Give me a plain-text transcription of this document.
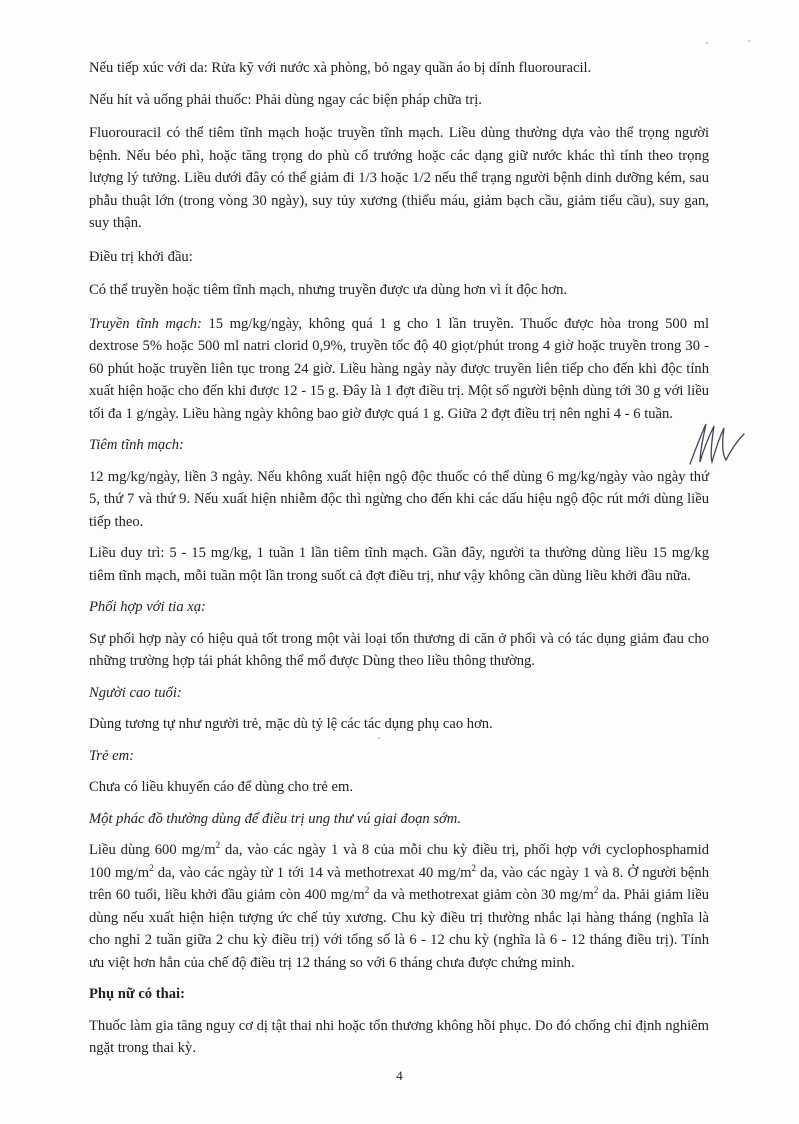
Nếu tiếp xúc với da: Rửa kỹ với nước xà phòng, bỏ ngay quần áo bị dính fluorouracil.

Nếu hít và uống phải thuốc: Phải dùng ngay các biện pháp chữa trị.

Fluorouracil có thể tiêm tĩnh mạch hoặc truyền tĩnh mạch. Liều dùng thường dựa vào thể trọng người bệnh. Nếu béo phì, hoặc tăng trọng do phù cổ trướng hoặc các dạng giữ nước khác thì tính theo trọng lượng lý tưởng. Liều dưới đây có thể giảm đi 1/3 hoặc 1/2 nếu thể trạng người bệnh dinh dưỡng kém, sau phẫu thuật lớn (trong vòng 30 ngày), suy tủy xương (thiếu máu, giảm bạch cầu, giảm tiểu cầu), suy gan, suy thận.

Điều trị khởi đầu:

Có thể truyền hoặc tiêm tĩnh mạch, nhưng truyền được ưa dùng hơn vì ít độc hơn.

Truyền tĩnh mạch: 15 mg/kg/ngày, không quá 1 g cho 1 lần truyền. Thuốc được hòa trong 500 ml dextrose 5% hoặc 500 ml natri clorid 0,9%, truyền tốc độ 40 giọt/phút trong 4 giờ hoặc truyền trong 30 - 60 phút hoặc truyền liên tục trong 24 giờ. Liều hàng ngày này được truyền liên tiếp cho đến khi độc tính xuất hiện hoặc cho đến khi được 12 - 15 g. Đây là 1 đợt điều trị. Một số người bệnh dùng tới 30 g với liều tối đa 1 g/ngày. Liều hàng ngày không bao giờ được quá 1 g. Giữa 2 đợt điều trị nên nghỉ 4 - 6 tuần.

Tiêm tĩnh mạch:

12 mg/kg/ngày, liền 3 ngày. Nếu không xuất hiện ngộ độc thuốc có thể dùng 6 mg/kg/ngày vào ngày thứ 5, thứ 7 và thứ 9. Nếu xuất hiện nhiễm độc thì ngừng cho đến khi các dấu hiệu ngộ độc rút mới dùng liều tiếp theo.

Liều duy trì: 5 - 15 mg/kg, 1 tuần 1 lần tiêm tĩnh mạch. Gần đây, người ta thường dùng liều 15 mg/kg tiêm tĩnh mạch, mỗi tuần một lần trong suốt cả đợt điều trị, như vậy không cần dùng liều khởi đầu nữa.

Phối hợp với tia xạ:

Sự phối hợp này có hiệu quả tốt trong một vài loại tổn thương di căn ở phổi và có tác dụng giảm đau cho những trường hợp tái phát không thể mổ được Dùng theo liều thông thường.

Người cao tuổi:

Dùng tương tự như người trẻ, mặc dù tỷ lệ các tác dụng phụ cao hơn.

Trẻ em:

Chưa có liều khuyến cáo để dùng cho trẻ em.

Một phác đồ thường dùng để điều trị ung thư vú giai đoạn sớm.

Liều dùng 600 $mg/m^2$ da, vào các ngày 1 và 8 của mỗi chu kỳ điều trị, phối hợp với cyclophosphamid 100 $mg/m^2$ da, vào các ngày từ 1 tới 14 và methotrexat 40 $mg/m^2$ da, vào các ngày 1 và 8. Ở người bệnh trên 60 tuổi, liều khởi đầu giảm còn 400 $mg/m^2$ da và methotrexat giảm còn 30 $mg/m^2$ da. Phải giảm liều dùng nếu xuất hiện hiện tượng ức chế tủy xương. Chu kỳ điều trị thường nhắc lại hàng tháng (nghĩa là cho nghỉ 2 tuần giữa 2 chu kỳ điều trị) với tổng số là 6 - 12 chu kỳ (nghĩa là 6 - 12 tháng điều trị). Tính ưu việt hơn hẳn của chế độ điều trị 12 tháng so với 6 tháng chưa được chứng minh.

Phụ nữ có thai:

Thuốc làm gia tăng nguy cơ dị tật thai nhi hoặc tổn thương không hồi phục. Do đó chống chỉ định nghiêm ngặt trong thai kỳ.

4
